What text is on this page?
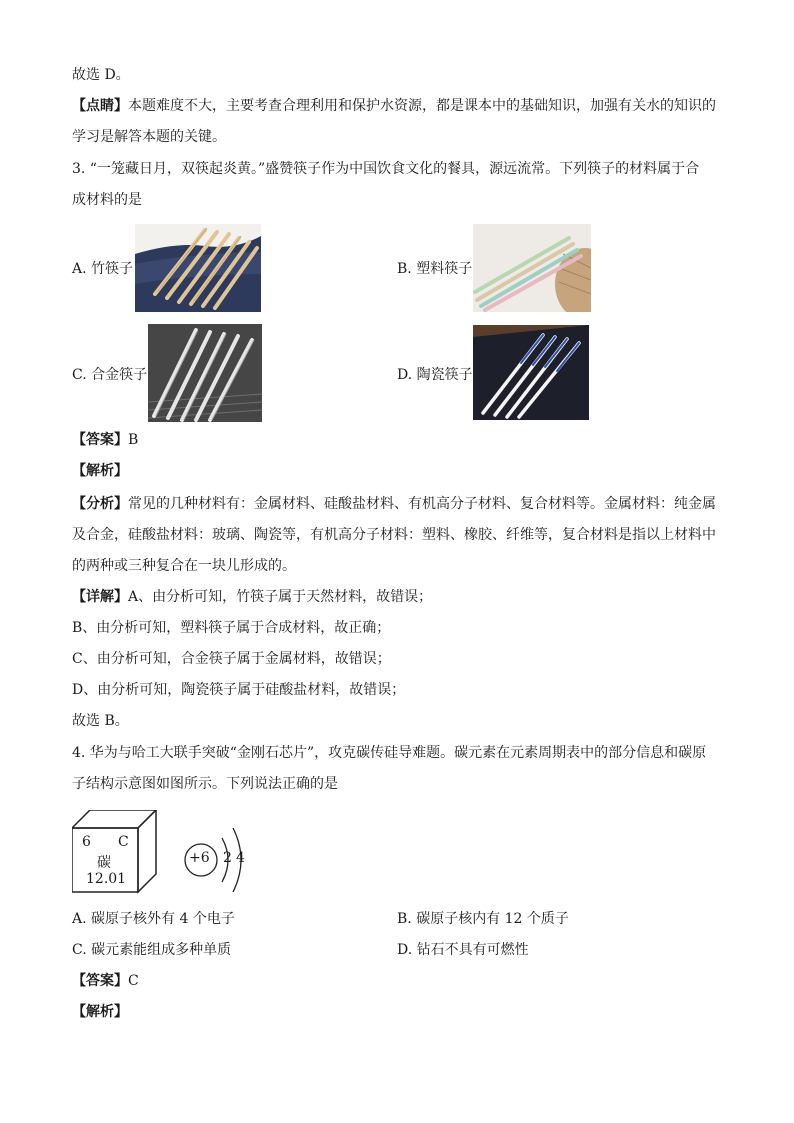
故选 D。
【点睛】本题难度不大，主要考查合理利用和保护水资源，都是课本中的基础知识，加强有关水的知识的
学习是解答本题的关键。
3. “一笼藏日月，双筷起炎黄。”盛赞筷子作为中国饮食文化的餐具，源远流常。下列筷子的材料属于合
成材料的是
A. 竹筷子	B. 塑料筷子
C. 合金筷子	D. 陶瓷筷子
【答案】B
【解析】
【分析】常见的几种材料有：金属材料、硅酸盐材料、有机高分子材料、复合材料等。金属材料：纯金属
及合金，硅酸盐材料：玻璃、陶瓷等，有机高分子材料：塑料、橡胶、纤维等，复合材料是指以上材料中
的两种或三种复合在一块儿形成的。
【详解】A、由分析可知，竹筷子属于天然材料，故错误；
B、由分析可知，塑料筷子属于合成材料，故正确；
C、由分析可知，合金筷子属于金属材料，故错误；
D、由分析可知，陶瓷筷子属于硅酸盐材料，故错误；
故选 B。
4. 华为与哈工大联手突破“金刚石芯片”，攻克碳传硅导难题。碳元素在元素周期表中的部分信息和碳原
子结构示意图如图所示。下列说法正确的是
6 C
碳
12.01
+6 2 4
A. 碳原子核外有 4 个电子	B. 碳原子核内有 12 个质子
C. 碳元素能组成多种单质	D. 钻石不具有可燃性
【答案】C
【解析】
